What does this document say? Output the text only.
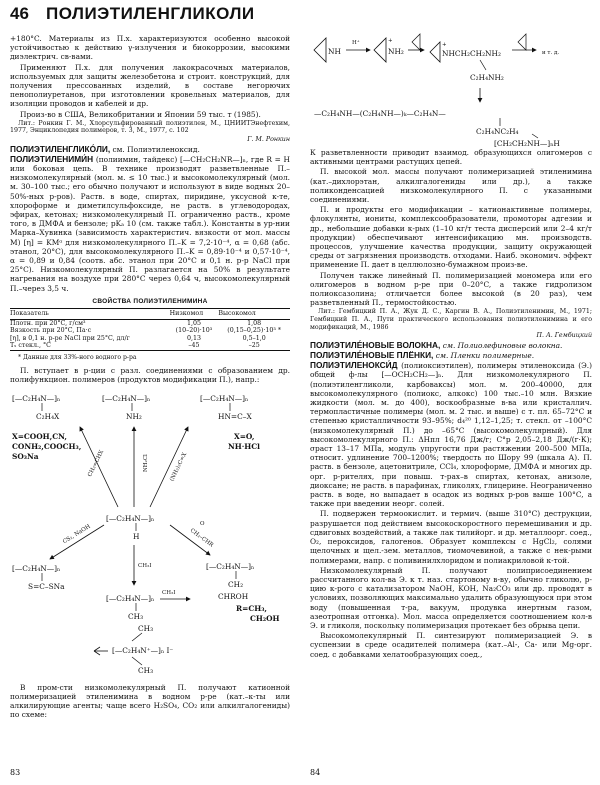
46 ПОЛИЭТИЛЕНГЛИКОЛИ

+180°C. Материалы из П.х. характеризуются особенно высокой устойчивостью к действию γ-излучения и биокоррозии, высокими диэлектрич. св-вами.

Применяют П.х. для получения лакокрасочных материалов, используемых для защиты железобетона и строит. конструкций, для получения прессованных изделий, в составе негорючих пенополиуретанов, при изготовлении кровельных материалов, для изоляции проводов и кабелей и др.

Произ-во в США, Великобритании и Японии 59 тыс. т (1985).

Лит.: Ронкин Г. М., Хлорсульфированный полиэтилен, М., ЦНИИТЭнефтехим, 1977, Энциклопедия полимеров, т. 3, М., 1977, с. 102

Г. М. Ронкин

ПОЛИЭТИЛЕНГЛИКО́ЛИ, см. Полиэтиленоксид.

ПОЛИЭТИЛЕНИМИ́Н (полиимин, тайдекс) [—CH₂CH₂NR—]ₙ, где R = H или боковая цепь. В технике производят разветвленные П.–низкомолекулярный (мол. м. ≤ 10 тыс.) и высокомолекулярный (мол. м. 30–100 тыс.; его обычно получают и используют в виде водных 20–50%-ных р-ров). Раств. в воде, спиртах, пиридине, уксусной к-те, хлороформе и диметилсульфоксиде, не раств. в углеводородах, эфирах, кетонах; низкомолекулярный П. ограниченно раств., кроме того, в ДМФА и бензоле; pKₐ 10 (см. также табл.). Константы в ур-нии Марка–Хувинка (зависимость характеристич. вязкости от мол. массы M) [η] = KMᵅ для низкомолекулярного П.–K = 7,2·10⁻⁴, α = 0,68 (абс. этанол, 20°C), для высокомолекулярного П.–K = 0,89·10⁻⁴ и 0,57·10⁻⁴, α = 0,89 и 0,84 (соотв. абс. этанол при 20°C и 0,1 н. р-р NaCl при 25°C). Низкомолекулярный П. разлагается на 50% в результате нагревания на воздухе при 280°C через 0,64 ч, высокомолекулярный П.–через 3,5 ч.

СВОЙСТВА ПОЛИЭТИЛЕНИМИНА
Показатель	Низкомол	Высокомол
Плотн. при 20°C, г/см³	1,05	1,08
Вязкость при 20°C, Па·с	(10–20)·10³	(0,15–0,25)·10³ *
[η], в 0,1 н. р-ре NaCl при 25°C, дл/г	0,13	0,5–1,0
Tₛ стекл., °C	–45	–25

* Данные для 33%-ного водного р-ра

П. вступает в р-ции с разл. соединениями с образованием др. полифункцион. полимеров (продуктов модификации П.), напр.:

[—C₂H₄N—]ₙ
C₂H₄X
X=COOH,CN,
CONH₂,COOCH₃,
SO₃Na
[—C₂H₄N—]ₙ
NH₂
[—C₂H₄N—]ₙ
HN=C–X
X=O,
NH·HCl
CH₂=CHX	NH₂Cl	(NH₂)₂C=X
[—C₂H₄N—]ₙ
H
CS₂, NaOH
[—C₂H₄N—]ₙ
S=C–SNa
CH₂–CHR
O
[—C₂H₄N—]ₙ
CH₂
CHROH
R=CH₃,
CH₂OH
CH₃I
[—C₂H₄N—]ₙ
CH₃
CH₃I
[—C₂H₄N⁺—]ₙ I⁻
CH₃
CH₃

В пром-сти низкомолекулярный П. получают катионной полимеризацией этиленимина в водном р-ре (кат.–к-ты или алкилирующие агенты; чаще всего H₂SO₄, CO₂ или алкилгалогениды) по схеме:

NH
H⁺	+
NH₂
+
NHCH₂CH₂NH₂	и т. д.
C₂H₄NH₂
—C₂H₄NH—(C₂H₄NH—)ₖ—C₂H₄N—
C₂H₄NC₂H₄
[CH₂CH₂NH—]ₙH

К разветвленности приводит взаимод. образующихся олигомеров с активными центрами растущих цепей.

П. высокой мол. массы получают полимеризацией этиленимина (кат.–дихлорэтан, алкилгалогениды или др.), а также поликонденсацией низкомолекулярного П. с указанными соединениями.

П. и продукты его модификации – катионактивные полимеры, флокулянты, иониты, комплексообразователи, промоторы адгезии и др., небольшие добавки к-рых (1–10 кг/т теста дисперсий или 2–4 кг/т продукции) обеспечивают интенсификацию мн. производств. процессов, улучшение качества продукции, защиту окружающей среды от загрязнения производств. отходами. Наиб. экономич. эффект применение П. дает в целлюлозно-бумажном произ-ве.

Получен также линейный П. полимеризацией мономера или его олигомеров в водном р-ре при 0–20°C, а также гидролизом полиоксазолина; отличается более высокой (в 20 раз), чем разветвленный П., термостойкостью.

Лит.: Гембицкий П. А., Жук Д. С., Каргин В. А., Полиэтиленимин, М., 1971; Гембицкий П. А., Пути практического использования полиэтиленимина и его модификаций, М., 1986

П. А. Гембицкий

ПОЛИЭТИЛЕ́НОВЫЕ ВОЛОКНА, см. Полиолефиновые волокна.

ПОЛИЭТИЛЕ́НОВЫЕ ПЛЁНКИ, см. Пленки полимерные.

ПОЛИЭТИЛЕНОКСИ́Д (полиоксиэтилен), полимеры этиленоксида (Э.) общей ф-лы [—OCH₂CH₂—]ₙ. Для низкомолекулярного П. (полиэтиленгликоли, карбоваксы) мол. м. 200–40000, для высокомолекулярного (полиокс, алкокс) 100 тыс.–10 млн. Вязкие жидкости (мол. м. до 400), воскообразные в-ва или кристаллич. термопластичные полимеры (мол. м. 2 тыс. и выше) с т. пл. 65–72°C и степенью кристалличности 93–95%; d₄²⁰ 1,12–1,25; т. стекл. от –100°C (низкомолекулярный П.) до –65°C (высокомолекулярный). Для высокомолекулярного П.: ΔHпл 16,76 Дж/г; C°p 2,05–2,18 Дж/(г·К); σраст 13–17 МПа, модуль упругости при растяжении 200–500 МПа, относит. удлинение 700–1200%; твердость по Шору 99 (шкала А). П. раств. в бензоле, ацетонитриле, CCl₄, хлороформе, ДМФА и многих др. орг. р-рителях, при повыш. т-рах–в спиртах, кетонах, анизоле, диоксане; не раств. в парафинах, гликолях, глицерине. Неограниченно раств. в воде, но выпадает в осадок из водных р-ров выше 100°C, а также при введении неорг. солей.

П. подвержен термоокислит. и термич. (выше 310°C) деструкции, разрушается под действием высокоскоростного перемешивания и др. сдвиговых воздействий, а также лак тилийорг. и др. металлоорг. соед., O₂, пероксидов, галогенов. Образует комплексы с HgCl₂, солями щелочных и щел.-зем. металлов, тиомочевиной, а также с нек-рыми полимерами, напр. с поливинилхлоридом и полиакриловой к-той.

Низкомолекулярный П. получают полиприсоединением рассчитанного кол-ва Э. к т. наз. стартовому в-ву, обычно гликолю, р-цию к-рого с катализатором NaOH, KOH, Na₂CO₃ или др. проводят в условиях, позволяющих максимально удалить образующуюся при этом воду (повышенная т-ра, вакуум, продувка инертным газом, азеотропная отгонка). Мол. масса определяется соотношением кол-в Э. и гликоля, поскольку полимеризация протекает без обрыва цепи.

Высокомолекулярный П. синтезируют полимеризацией Э. в суспензии в среде осадителей полимера (кат.–Al-, Ca- или Mg-орг. соед. с добавками хелатообразующих соед.,

83	84
